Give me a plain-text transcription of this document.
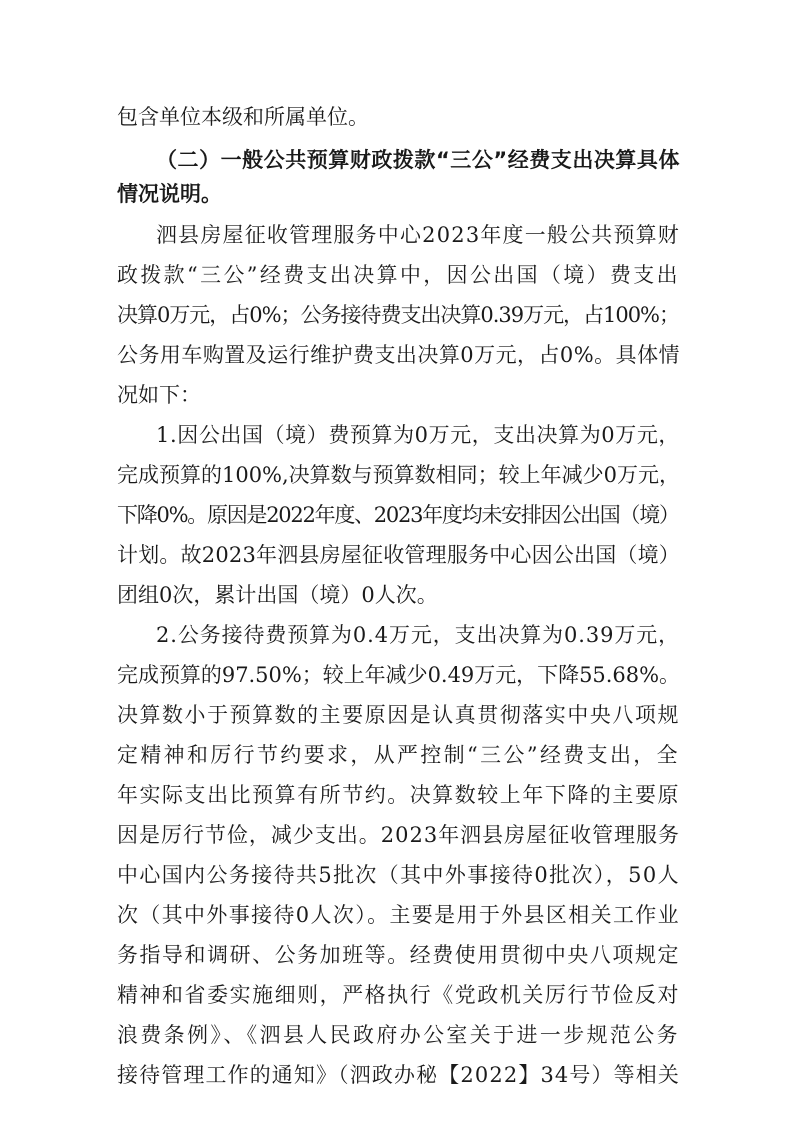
包含单位本级和所属单位。
（二）一般公共预算财政拨款“三公”经费支出决算具体
情况说明。
泗县房屋征收管理服务中心2023年度一般公共预算财
政拨款“三公”经费支出决算中，因公出国（境）费支出
决算0万元，占0%；公务接待费支出决算0.39万元，占100%；
公务用车购置及运行维护费支出决算0万元，占0%。具体情
况如下：
1.因公出国（境）费预算为0万元，支出决算为0万元，
完成预算的100%,决算数与预算数相同；较上年减少0万元，
下降0%。原因是2022年度、2023年度均未安排因公出国（境）
计划。故2023年泗县房屋征收管理服务中心因公出国（境）
团组0次，累计出国（境）0人次。
2.公务接待费预算为0.4万元，支出决算为0.39万元，
完成预算的97.50%；较上年减少0.49万元，下降55.68%。
决算数小于预算数的主要原因是认真贯彻落实中央八项规
定精神和厉行节约要求，从严控制“三公”经费支出，全
年实际支出比预算有所节约。决算数较上年下降的主要原
因是厉行节俭，减少支出。2023年泗县房屋征收管理服务
中心国内公务接待共5批次（其中外事接待0批次），50人
次（其中外事接待0人次）。主要是用于外县区相关工作业
务指导和调研、公务加班等。经费使用贯彻中央八项规定
精神和省委实施细则，严格执行《党政机关厉行节俭反对
浪费条例》、《泗县人民政府办公室关于进一步规范公务
接待管理工作的通知》（泗政办秘【2022】34号）等相关
